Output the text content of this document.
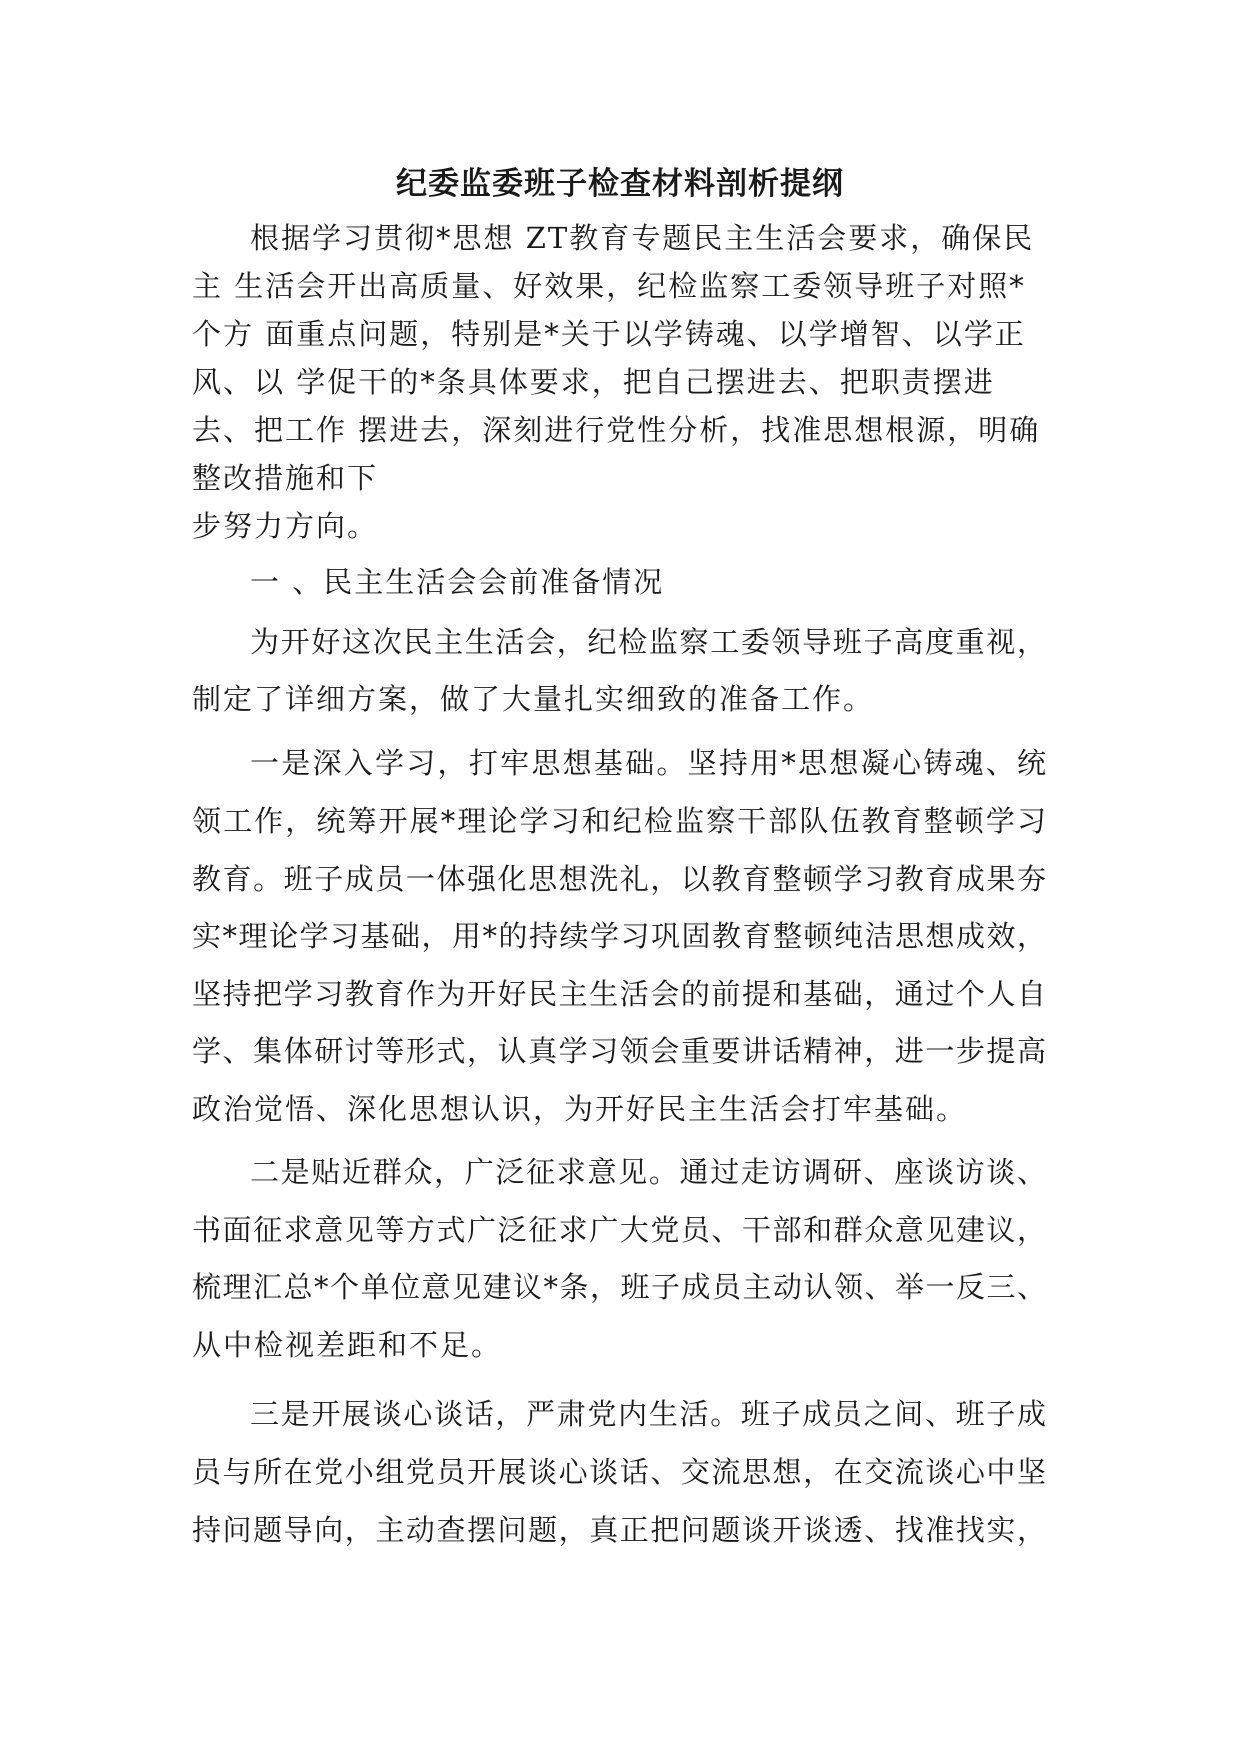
纪委监委班子检查材料剖析提纲

根据学习贯彻*思想 ZT教育专题民主生活会要求，确保民

主 生活会开出高质量、好效果，纪检监察工委领导班子对照*

个方 面重点问题，特别是*关于以学铸魂、以学增智、以学正

风、以 学促干的*条具体要求，把自己摆进去、把职责摆进

去、把工作 摆进去，深刻进行党性分析，找准思想根源，明确

整改措施和下

步努力方向。

一 、民主生活会会前准备情况

为开好这次民主生活会，纪检监察工委领导班子高度重视，

制定了详细方案，做了大量扎实细致的准备工作。

一是深入学习，打牢思想基础。坚持用*思想凝心铸魂、统

领工作，统筹开展*理论学习和纪检监察干部队伍教育整顿学习

教育。班子成员一体强化思想洗礼，以教育整顿学习教育成果夯

实*理论学习基础，用*的持续学习巩固教育整顿纯洁思想成效，

坚持把学习教育作为开好民主生活会的前提和基础，通过个人自

学、集体研讨等形式，认真学习领会重要讲话精神，进一步提高

政治觉悟、深化思想认识，为开好民主生活会打牢基础。

二是贴近群众，广泛征求意见。通过走访调研、座谈访谈、

书面征求意见等方式广泛征求广大党员、干部和群众意见建议，

梳理汇总*个单位意见建议*条，班子成员主动认领、举一反三、

从中检视差距和不足。

三是开展谈心谈话，严肃党内生活。班子成员之间、班子成

员与所在党小组党员开展谈心谈话、交流思想，在交流谈心中坚

持问题导向，主动查摆问题，真正把问题谈开谈透、找准找实，
